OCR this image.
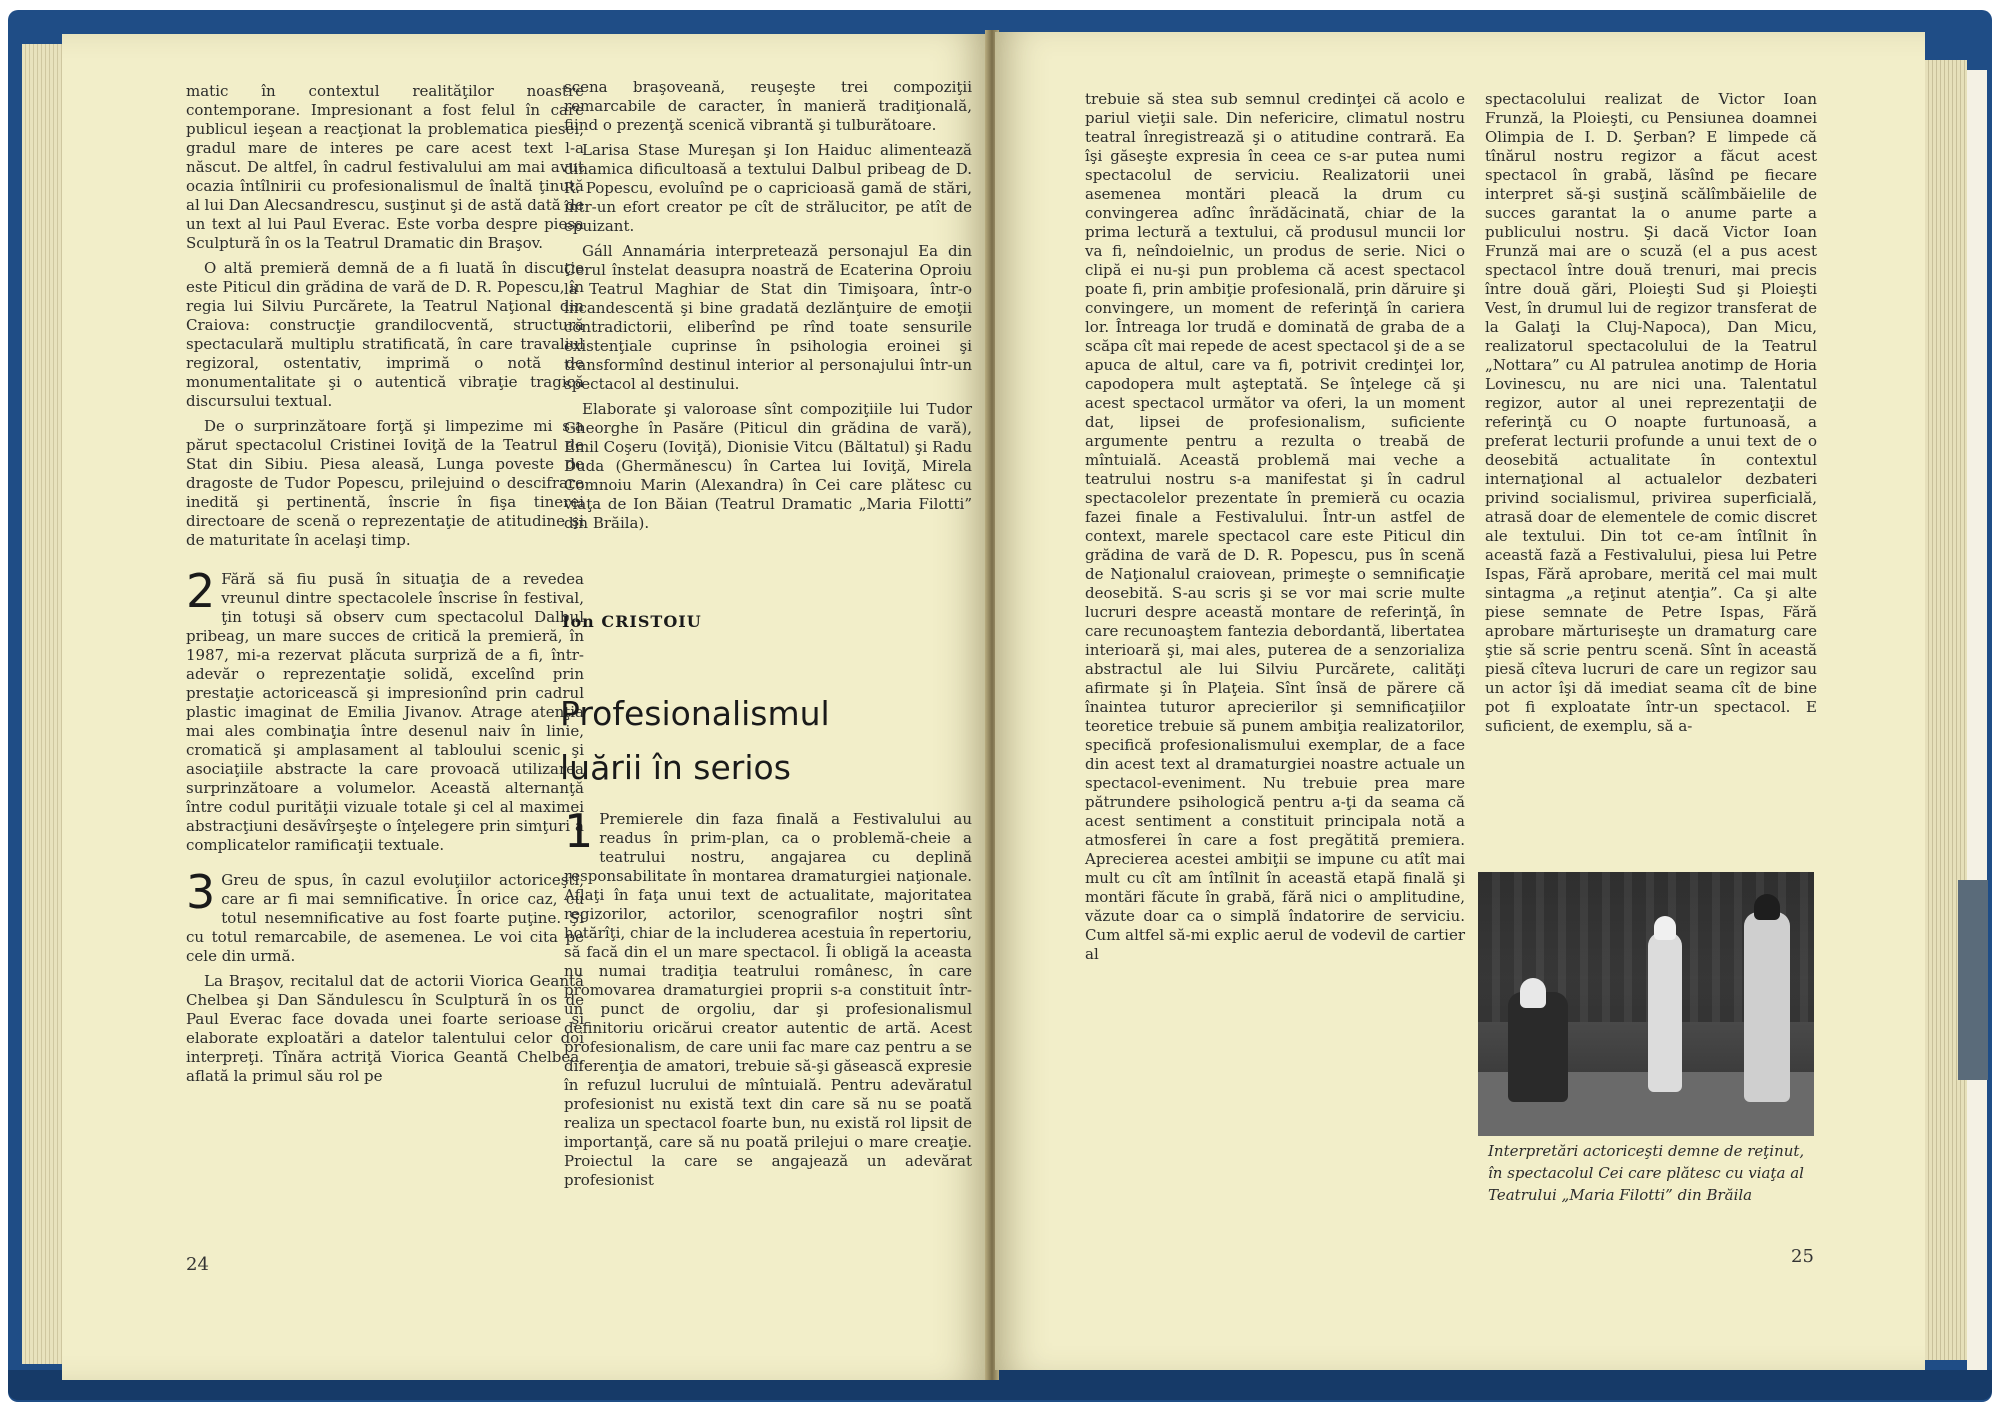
matic în contextul realităţilor noastre contemporane. Impresionant a fost felul în care publicul ieşean a reacţionat la problematica piesei, gradul mare de interes pe care acest text l-a născut. De altfel, în cadrul festivalului am mai avut ocazia întîlnirii cu profesionalismul de înaltă ţinută al lui Dan Alecsandrescu, susţinut şi de astă dată de un text al lui Paul Everac. Este vorba despre piesa Sculptură în os la Teatrul Dramatic din Braşov.

O altă premieră demnă de a fi luată în discuţie este Piticul din grădina de vară de D. R. Popescu, în regia lui Silviu Purcărete, la Teatrul Naţional din Craiova: construcţie grandilocventă, structură spectaculară multiplu stratificată, în care travaliul regizoral, ostentativ, imprimă o notă de monumentalitate şi o autentică vibraţie tragică discursului textual.

De o surprinzătoare forţă şi limpezime mi s-a părut spectacolul Cristinei Ioviţă de la Teatrul de Stat din Sibiu. Piesa aleasă, Lunga poveste de dragoste de Tudor Popescu, prilejuind o descifrare inedită şi pertinentă, înscrie în fişa tinerei directoare de scenă o reprezentaţie de atitudine şi de maturitate în acelaşi timp.

2 Fără să fiu pusă în situaţia de a revedea vreunul dintre spectacolele înscrise în festival, ţin totuşi să observ cum spectacolul Dalbul pribeag, un mare succes de critică la premieră, în 1987, mi-a rezervat plăcuta surpriză de a fi, într-adevăr o reprezentaţie solidă, excelînd prin prestaţie actoricească şi impresionînd prin cadrul plastic imaginat de Emilia Jivanov. Atrage atenţia mai ales combinaţia între desenul naiv în linie, cromatică şi amplasament al tabloului scenic şi asociaţiile abstracte la care provoacă utilizarea surprinzătoare a volumelor. Această alternanţă între codul purităţii vizuale totale şi cel al maximei abstracţiuni desăvîrşeşte o înţelegere prin simţuri a complicatelor ramificaţii textuale.

3 Greu de spus, în cazul evoluţiilor actoriceşti, care ar fi mai semnificative. În orice caz, cu totul nesemnificative au fost foarte puţine. Şi cu totul remarcabile, de asemenea. Le voi cita pe cele din urmă.

La Braşov, recitalul dat de actorii Viorica Geantă Chelbea şi Dan Săndulescu în Sculptură în os de Paul Everac face dovada unei foarte serioase şi elaborate exploatări a datelor talentului celor doi interpreţi. Tînăra actriţă Viorica Geantă Chelbea, aflată la primul său rol pe

scena braşoveană, reuşeşte trei compoziţii remarcabile de caracter, în manieră tradiţională, fiind o prezenţă scenică vibrantă şi tulburătoare.

Larisa Stase Mureşan şi Ion Haiduc alimentează dinamica dificultoasă a textului Dalbul pribeag de D. R. Popescu, evoluînd pe o capricioasă gamă de stări, într-un efort creator pe cît de strălucitor, pe atît de epuizant.

Gáll Annamária interpretează personajul Ea din Cerul înstelat deasupra noastră de Ecaterina Oproiu la Teatrul Maghiar de Stat din Timişoara, într-o incandescentă şi bine gradată dezlănţuire de emoţii contradictorii, eliberînd pe rînd toate sensurile existenţiale cuprinse în psihologia eroinei şi transformînd destinul interior al personajului într-un spectacol al destinului.

Elaborate şi valoroase sînt compoziţiile lui Tudor Gheorghe în Pasăre (Piticul din grădina de vară), Emil Coşeru (Ioviţă), Dionisie Vitcu (Băltatul) şi Radu Duda (Ghermănescu) în Cartea lui Ioviţă, Mirela Comnoiu Marin (Alexandra) în Cei care plătesc cu viaţa de Ion Băian (Teatrul Dramatic „Maria Filotti” din Brăila).

Ion CRISTOIU
Profesionalismul
luării în serios

1 Premierele din faza finală a Festivalului au readus în prim-plan, ca o problemă-cheie a teatrului nostru, angajarea cu deplină responsabilitate în montarea dramaturgiei naţionale. Aflaţi în faţa unui text de actualitate, majoritatea regizorilor, actorilor, scenografilor noştri sînt hotărîţi, chiar de la includerea acestuia în repertoriu, să facă din el un mare spectacol. Îi obligă la aceasta nu numai tradiţia teatrului românesc, în care promovarea dramaturgiei proprii s-a constituit într-un punct de orgoliu, dar şi profesionalismul definitoriu oricărui creator autentic de artă. Acest profesionalism, de care unii fac mare caz pentru a se diferenţia de amatori, trebuie să-şi găsească expresie în refuzul lucrului de mîntuială. Pentru adevăratul profesionist nu există text din care să nu se poată realiza un spectacol foarte bun, nu există rol lipsit de importanţă, care să nu poată prilejui o mare creaţie. Proiectul la care se angajează un adevărat profesionist

24

trebuie să stea sub semnul credinţei că acolo e pariul vieţii sale. Din nefericire, climatul nostru teatral înregistrează şi o atitudine contrară. Ea îşi găseşte expresia în ceea ce s-ar putea numi spectacolul de serviciu. Realizatorii unei asemenea montări pleacă la drum cu convingerea adînc înrădăcinată, chiar de la prima lectură a textului, că produsul muncii lor va fi, neîndoielnic, un produs de serie. Nici o clipă ei nu-şi pun problema că acest spectacol poate fi, prin ambiţie profesională, prin dăruire şi convingere, un moment de referinţă în cariera lor. Întreaga lor trudă e dominată de graba de a scăpa cît mai repede de acest spectacol şi de a se apuca de altul, care va fi, potrivit credinţei lor, capodopera mult aşteptată. Se înţelege că şi acest spectacol următor va oferi, la un moment dat, lipsei de profesionalism, suficiente argumente pentru a rezulta o treabă de mîntuială. Această problemă mai veche a teatrului nostru s-a manifestat şi în cadrul spectacolelor prezentate în premieră cu ocazia fazei finale a Festivalului. Într-un astfel de context, marele spectacol care este Piticul din grădina de vară de D. R. Popescu, pus în scenă de Naţionalul craiovean, primeşte o semnificaţie deosebită. S-au scris şi se vor mai scrie multe lucruri despre această montare de referinţă, în care recunoaştem fantezia debordantă, libertatea interioară şi, mai ales, puterea de a senzorializa abstractul ale lui Silviu Purcărete, calităţi afirmate şi în Plaţeia. Sînt însă de părere că înaintea tuturor aprecierilor şi semnificaţiilor teoretice trebuie să punem ambiţia realizatorilor, specifică profesionalismului exemplar, de a face din acest text al dramaturgiei noastre actuale un spectacol-eveniment. Nu trebuie prea mare pătrundere psihologică pentru a-ţi da seama că acest sentiment a constituit principala notă a atmosferei în care a fost pregătită premiera. Aprecierea acestei ambiţii se impune cu atît mai mult cu cît am întîlnit în această etapă finală şi montări făcute în grabă, fără nici o amplitudine, văzute doar ca o simplă îndatorire de serviciu. Cum altfel să-mi explic aerul de vodevil de cartier al

spectacolului realizat de Victor Ioan Frunză, la Ploieşti, cu Pensiunea doamnei Olimpia de I. D. Şerban? E limpede că tînărul nostru regizor a făcut acest spectacol în grabă, lăsînd pe fiecare interpret să-şi susţină scălîmbăielile de succes garantat la o anume parte a publicului nostru. Şi dacă Victor Ioan Frunză mai are o scuză (el a pus acest spectacol între două trenuri, mai precis între două gări, Ploieşti Sud şi Ploieşti Vest, în drumul lui de regizor transferat de la Galaţi la Cluj-Napoca), Dan Micu, realizatorul spectacolului de la Teatrul „Nottara” cu Al patrulea anotimp de Horia Lovinescu, nu are nici una. Talentatul regizor, autor al unei reprezentaţii de referinţă cu O noapte furtunoasă, a preferat lecturii profunde a unui text de o deosebită actualitate în contextul internaţional al actualelor dezbateri privind socialismul, privirea superficială, atrasă doar de elementele de comic discret ale textului. Din tot ce-am întîlnit în această fază a Festivalului, piesa lui Petre Ispas, Fără aprobare, merită cel mai mult sintagma „a reţinut atenţia”. Ca şi alte piese semnate de Petre Ispas, Fără aprobare mărturiseşte un dramaturg care ştie să scrie pentru scenă. Sînt în această piesă cîteva lucruri de care un regizor sau un actor îşi dă imediat seama cît de bine pot fi exploatate într-un spectacol. E suficient, de exemplu, să a-

25
Interpretări actoriceşti demne de reţinut, în spectacolul Cei care plătesc cu viaţa al Teatrului „Maria Filotti” din Brăila
